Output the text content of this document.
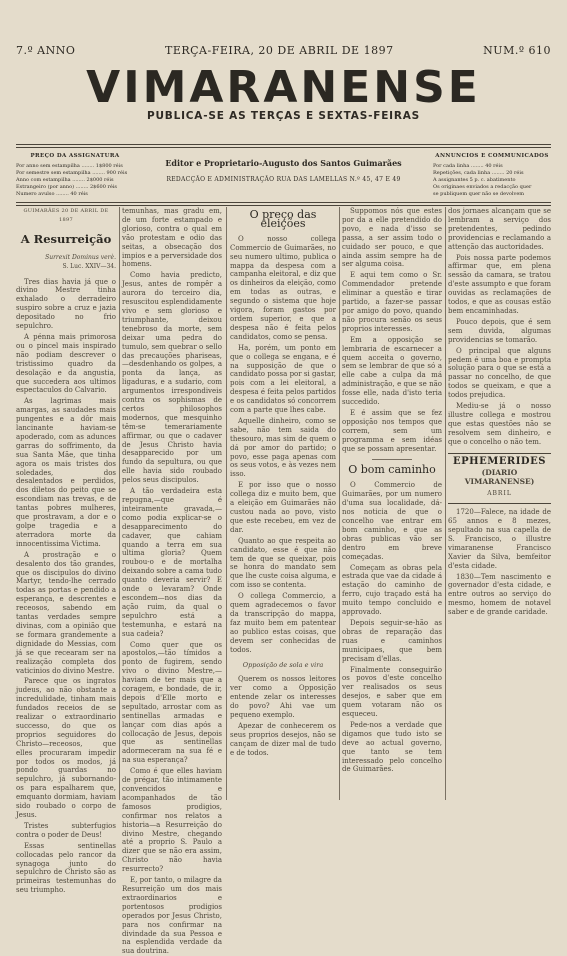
7.º ANNO	TERÇA-FEIRA, 20 DE ABRIL DE 1897	NUM.º 610
VIMARANENSE
PUBLICA-SE AS TERÇAS E SEXTAS-FEIRAS
PREÇO DA ASSIGNATURA
Por anno sem estampilha ........ 1$800 réis
Por semestre sem estampilha ........ 900 réis
Anno com estampilha ........ 2$000 réis
Estrangeiro (por anno) ........ 2$600 réis
Numero avulso ........ 40 réis
Editor e Proprietario-Augusto dos Santos Guimarães
REDACÇÃO E ADMINISTRAÇÃO RUA DAS LAMELLAS N.º 45, 47 E 49
ANNUNCIOS E COMMUNICADOS
Por cada linha ........ 40 réis
Repetições, cada linha ........ 20 réis
A assignantes 5 p. c. abatimento
Os originaes enviados a redacção quer
se publiquem quer não se devolvem
GUIMARÃES 20 DE ABRIL DE 1897
A Resurreição
Surrexit Dominus verè.
S. Luc. XXIV—34.

Tres dias havia já que o divino Mestre tinha exhalado o derradeiro suspiro sobre a cruz e jazia depositado no frio sepulchro.

A pénna mais primorosa ou o pincel mais inspirado não podiam descrever o tristissimo quadro da desolação e da angustia, que succedera aos ultimos espectaculos do Calvario.

As lagrimas mais amargas, as saudades mais pungentes e a dôr mais lancinante haviam-se apoderado, com as adunces garras do soffrimento, da sua Santa Mãe, que tinha agora os mais tristes dos soledades, dos desalentados e perdidos, dos diletos do peito que se escondiam nas trevas, e de tantas pobres mulheres, que prostravam, a dor e o golpe tragedia e a aterradora morte da innocentissima Victima.

A prostração e o desalento dos tão grandes, que os discipulos do divino Martyr, tendo-lhe cerrado todas as portas e pendido a esperança, e descrentes e receosos, sabendo em tantas verdades sempre divinas, com a opinião que se formara grandemente a dignidade do Messias, com já se que recearam ser na realização completa dos vaticinios do divino Mestre.

Parece que os ingratos judeus, ao não obstante a incredulidade, tinham mais fundados receios de se realizar o extraordinario successo, do que os proprios seguidores do Christo—receosos, que elles procuraram impedir por todos os modos, já pondo guardas no sepulchro, já subornando-os para espalharem que, emquanto dormiam, haviam sido roubado o corpo de Jesus.

Tristes subterfugios contra o poder de Deus!

Essas sentinellas collocadas pelo rancor da synagoga junto do sepulchro de Christo são as primeiras testemunhas do seu triumpho.

temunhas, mas gradu em, de um forte estampado e glorioso, contra o qual em vão protestam e odio das seitas, a obsecação dos impios e a perversidade dos homens.

Como havia predicto, Jesus, antes de rompêr a aurora do terceiro dia, resuscitou esplendidamente vivo e sem glorioso e triumphante, deixou tenebroso da morte, sem deixar uma pedra do tumulo, sem quebrar o sello das precauções phariseas,—desdenhando os golpes, a ponta da lança, as ligaduras, e a sudario, com argumentos irrespondiveis contra os sophismas de certos philosophos modernos, que mesquinho têm-se temerariamente affirmar, ou que o cadaver de Jesus Christo havia desapparecido por um fundo da sepultura, ou que elle havia sido roubado pelos seus discipulos.

A tão verdadeira esta repugna,—que é inteiramente gravada,—como podia explicar-se o desapparecimento do cadaver, que cahiam quando a terra em sua ultima gloria? Quem roubou-o e de mortalha deixando sobre a cama tudo quanto deveria servir? E onde o levaram? Onde escondem—nos dias da ação ruim, da qual o sepulchro está a testemunha, e estará na sua cadeia?

Como quer que os apostolos,—tão tímidos a ponto de fugirem, sendo vivo o divino Mestre,—haviam de ter mais que a coragem, e bondade, de ir, depois d'Elle morto e sepultado, arrostar com as sentinellas armadas e lançar com dias após a collocação de Jesus, depois que as sentinellas adormeceram na sua fé e na sua esperança?

Como é que elles haviam de prégar, tão intimamente convencidos e acompanhados de tão famosos prodigios, confirmar nos relatos a historia—a Resurreição do divino Mestre, chegando até a proprio S. Paulo a dizer que se não era assim, Christo não havia resurrecto?

E, por tanto, o milagre da Resurreição um dos mais extraordinarios e portentosos prodigios operados por Jesus Christo, para nos confirmar na divindade da sua Pessoa e na esplendida verdade da sua doutrina.

O preço das eleições

O nosso collega Commercio de Guimarães, no seu numero ultimo, publica o mappa da despesa com a campanha eleitoral, e diz que os dinheiros da eleição, como em todas as outras, e segundo o sistema que hoje vigora, foram gastos por ordem superior, e que a despesa não é feita pelos candidatos, como se pensa.

Ha, porém, um ponto em que o collega se engana, e é na supposição de que o candidato possa por si gastar, pois com a lei eleitoral, a despesa é feita pelos partidos e os candidatos só concorrem com a parte que lhes cabe.

Aquelle dinheiro, como se sabe, não tem saida do thesouro, mas sim de quem o dá por amor do partido; o povo, esse paga apenas com os seus votos, e às vezes nem isso.

E por isso que o nosso collega diz e muito bem, que a eleição em Guimarães não custou nada ao povo, visto que este recebeu, em vez de dar.

Quanto ao que respeita ao candidato, esse é que não tem de que se queixar, pois se honra do mandato sem que lhe custe coisa alguma, e com isso se contenta.

O collega Commercio, a quem agradecemos o favor da transcripção do mappa, faz muito bem em patentear ao publico estas coisas, que devem ser conhecidas de todos.

Opposição de sola e vira

Querem os nossos leitores ver como a Opposição entende zelar os interesses do povo? Ahi vae um pequeno exemplo.

Apezar de conhecerem os seus proprios desejos, não se cançam de dizer mal de tudo e de todos.

Suppomos nós que estes por da a elle pretendido do povo, e nada d'isso se passa, a ser assim todo o cuidado ser pouco, e que ainda assim sempre ha de ser alguma coisa.

E aqui tem como o Sr. Commendador pretende eliminar a questão e tirar partido, a fazer-se passar por amigo do povo, quando não procura senão os seus proprios interesses.

Em a opposição se lembraria de escarnecer a quem acceita o governo, sem se lembrar de que só a elle cabe a culpa da má administração, e que se não fosse elle, nada d'isto teria succedido.

E é assim que se fez opposição nos tempos que correm, sem um programma e sem idéas que se possam apresentar.

O bom caminho

O Commercio de Guimarães, por um numero d'uma sua localidade, dá-nos noticia de que o concelho vae entrar em bom caminho, e que as obras publicas vão ser dentro em breve começadas.

Começam as obras pela estrada que vae da cidade á estação do caminho de ferro, cujo traçado está ha muito tempo concluido e approvado.

Depois seguir-se-hão as obras de reparação das ruas e caminhos municipaes, que bem precisam d'ellas.

Finalmente conseguirão os povos d'este concelho ver realisados os seus desejos, e saber que em quem votaram não os esqueceu.

Pede-nos a verdade que digamos que tudo isto se deve ao actual governo, que tanto se tem interessado pelo concelho de Guimarães.

dos jornaes alcançam que se lembram a serviço dos pretendentes, pedindo providencias e reclamando a attenção das auctoridades.

Pois nossa parte podemos affirmar que, em plena sessão da camara, se tratou d'este assumpto e que foram ouvidas as reclamações de todos, e que as cousas estão bem encaminhadas.

Pouco depois, que é sem sem duvida, algumas providencias se tomarão.

O principal que alguns pedem é uma boa e prompta solução para o que se está a passar no concelho, de que todos se queixam, e que a todos prejudica.

Mediu-se já o nosso illustre collega e mostrou que estas questões não se resolvem sem dinheiro, e que o concelho o não tem.

EPHEMERIDES
(DIARIO VIMARANENSE)
ABRIL

1720—Falece, na idade de 65 annos e 8 mezes, sepultado na sua capella de S. Francisco, o illustre vimaranense Francisco Xavier da Silva, bemfeitor d'esta cidade.

1830—Tem nascimento e governador d'esta cidade, e entre outros ao serviço do mesmo, homem de notavel saber e de grande caridade.
